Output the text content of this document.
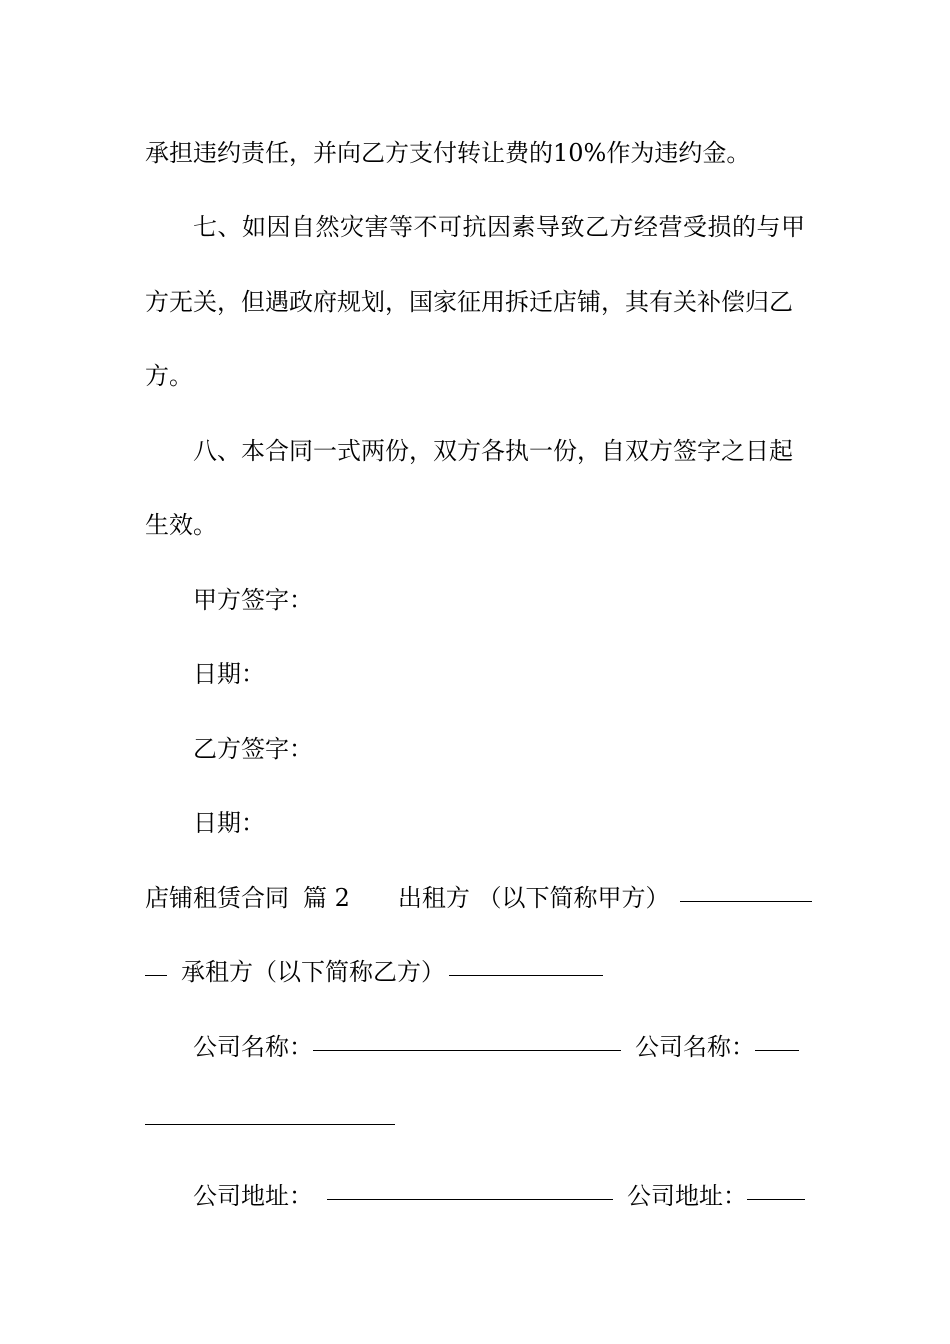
承担违约责任，并向乙方支付转让费的10%作为违约金。
七、如因自然灾害等不可抗因素导致乙方经营受损的与甲
方无关，但遇政府规划，国家征用拆迁店铺，其有关补偿归乙
方。
八、本合同一式两份，双方各执一份，自双方签字之日起
生效。
甲方签字：
日期：
乙方签字：
日期：
店铺租赁合同 篇 2 出租方 （以下简称甲方）
承租方（以下简称乙方）
公司名称：	公司名称：
公司地址：	公司地址：
